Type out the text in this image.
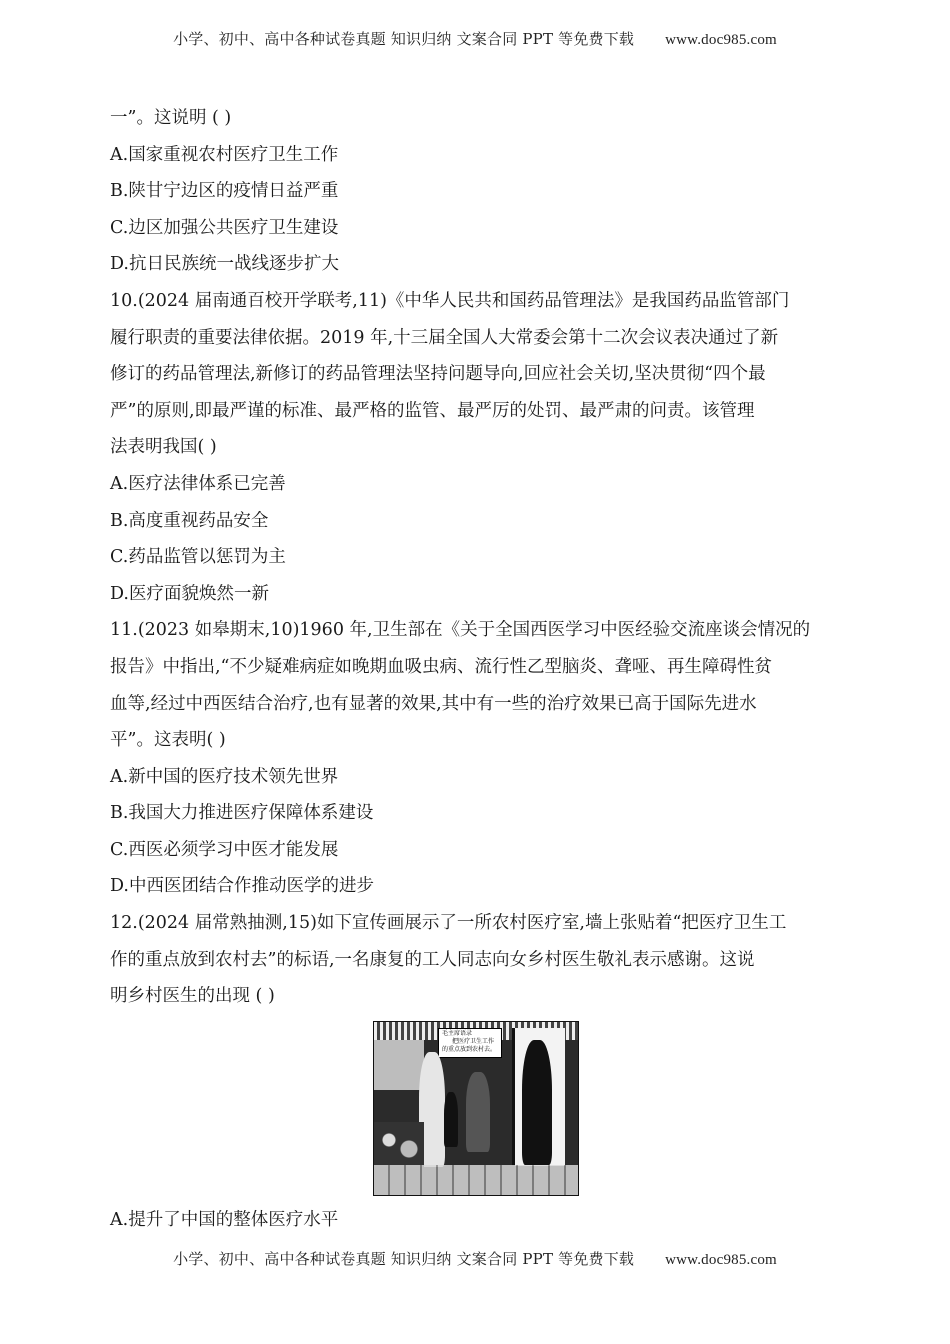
小学、初中、高中各种试卷真题 知识归纳 文案合同 PPT 等免费下载 www.doc985.com
一”。这说明 ( )
A.国家重视农村医疗卫生工作
B.陕甘宁边区的疫情日益严重
C.边区加强公共医疗卫生建设
D.抗日民族统一战线逐步扩大
10.(2024 届南通百校开学联考,11)《中华人民共和国药品管理法》是我国药品监管部门
履行职责的重要法律依据。2019 年,十三届全国人大常委会第十二次会议表决通过了新
修订的药品管理法,新修订的药品管理法坚持问题导向,回应社会关切,坚决贯彻“四个最
严”的原则,即最严谨的标准、最严格的监管、最严厉的处罚、最严肃的问责。该管理
法表明我国( )
A.医疗法律体系已完善
B.高度重视药品安全
C.药品监管以惩罚为主
D.医疗面貌焕然一新
11.(2023 如皋期末,10)1960 年,卫生部在《关于全国西医学习中医经验交流座谈会情况的
报告》中指出,“不少疑难病症如晚期血吸虫病、流行性乙型脑炎、聋哑、再生障碍性贫
血等,经过中西医结合治疗,也有显著的效果,其中有一些的治疗效果已高于国际先进水
平”。这表明( )
A.新中国的医疗技术领先世界
B.我国大力推进医疗保障体系建设
C.西医必须学习中医才能发展
D.中西医团结合作推动医学的进步
12.(2024 届常熟抽测,15)如下宣传画展示了一所农村医疗室,墙上张贴着“把医疗卫生工
作的重点放到农村去”的标语,一名康复的工人同志向女乡村医生敬礼表示感谢。这说
明乡村医生的出现 ( )
毛主席语录
把医疗卫生工作
的重点放到农村去。
A.提升了中国的整体医疗水平
小学、初中、高中各种试卷真题 知识归纳 文案合同 PPT 等免费下载 www.doc985.com
